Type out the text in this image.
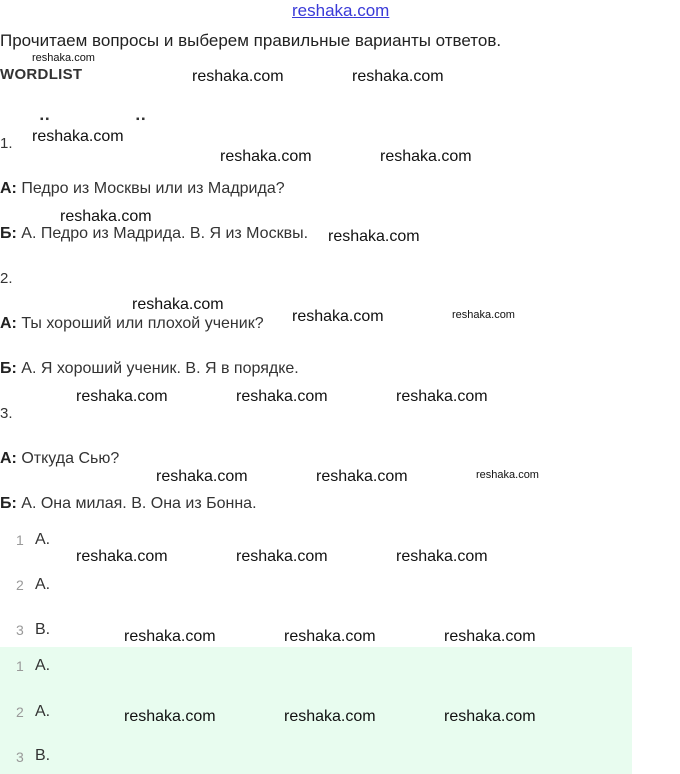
reshaka.com
Прочитаем вопросы и выберем правильные варианты ответов.
reshaka.com
WORDLIST	reshaka.com	reshaka.com
▪▪	▪▪
1. reshaka.com
reshaka.com	reshaka.com
А: Педро из Москвы или из Мадрида?
reshaka.com
Б: A. Педро из Мадрида. B. Я из Москвы. reshaka.com
2.
reshaka.com
А: Ты хороший или плохой ученик? reshaka.com	reshaka.com
Б: A. Я хороший ученик. B. Я в порядке.
reshaka.com	reshaka.com	reshaka.com
3.
А: Откуда Сью?
reshaka.com	reshaka.com	reshaka.com
Б: A. Она милая. B. Она из Бонна.
1 A.
reshaka.com	reshaka.com	reshaka.com
2 A.
3 B.	reshaka.com	reshaka.com	reshaka.com
1 A.
2 A.	reshaka.com	reshaka.com	reshaka.com
3 B.
